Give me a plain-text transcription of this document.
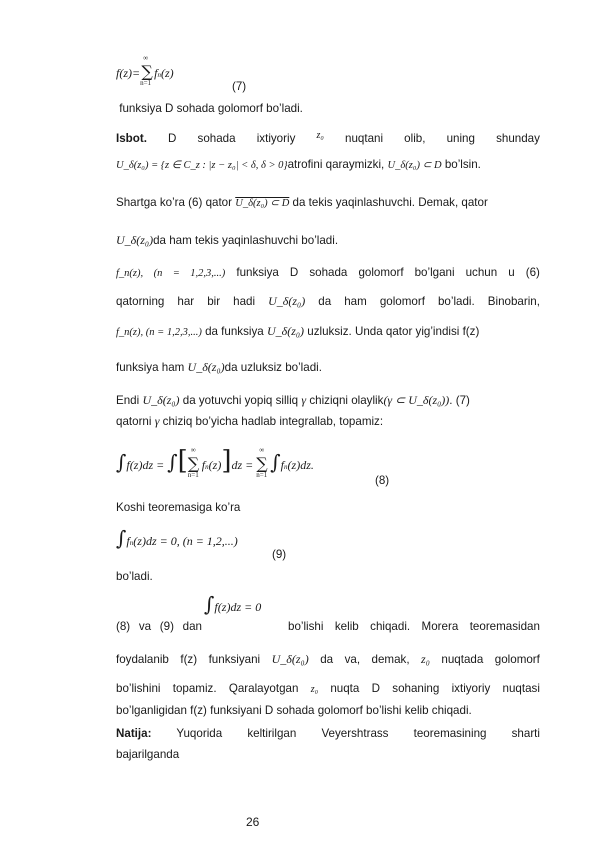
f(z)=∑
∞
n=1
fn(z)
(7)
funksiya D sohada golomorf bo’ladi.
Isbot. D sohada ixtiyoriy z₀ nuqtani olib, uning shunday
U_δ(z₀) = {z ∈ C_z : |z − z₀| < δ, δ > 0}atrofini qaraymizki, U_δ(z₀) ⊂ D bo’lsin.
Shartga ko’ra (6) qator U_δ(z₀) ⊂ D da tekis yaqinlashuvchi. Demak, qator
U_δ(z₀)da ham tekis yaqinlashuvchi bo’ladi.
f_n(z), (n = 1,2,3,...) funksiya D sohada golomorf bo’lgani uchun u (6)
qatorning har bir hadi U_δ(z₀) da ham golomorf bo’ladi. Binobarin,
f_n(z), (n = 1,2,3,...) da funksiya U_δ(z₀) uzluksiz. Unda qator yig’indisi f(z)
funksiya ham U_δ(z₀)da uzluksiz bo’ladi.
Endi U_δ(z₀) da yotuvchi yopiq silliq γ chiziqni olaylik(γ ⊂ U_δ(z₀)). (7)
qatorni γ chiziq bo’yicha hadlab integrallab, topamiz:
∫f(z)dz = ∫[∑
∞
n=1
fn(z)]dz = ∑
∞
n=1
∫fn(z)dz.
(8)
Koshi teoremasiga ko’ra
∫fn(z)dz = 0, (n = 1,2,...)
(9)
bo’ladi.
∫f(z)dz = 0
(8) va (9) dan	bo’lishi kelib chiqadi. Morera teoremasidan
foydalanib f(z) funksiyani U_δ(z₀) da va, demak, z₀ nuqtada golomorf
bo’lishini topamiz. Qaralayotgan z₀ nuqta D sohaning ixtiyoriy nuqtasi
bo’lganligidan f(z) funksiyani D sohada golomorf bo’lishi kelib chiqadi.
Natija: Yuqorida keltirilgan Veyershtrass teoremasining sharti
bajarilganda
26
